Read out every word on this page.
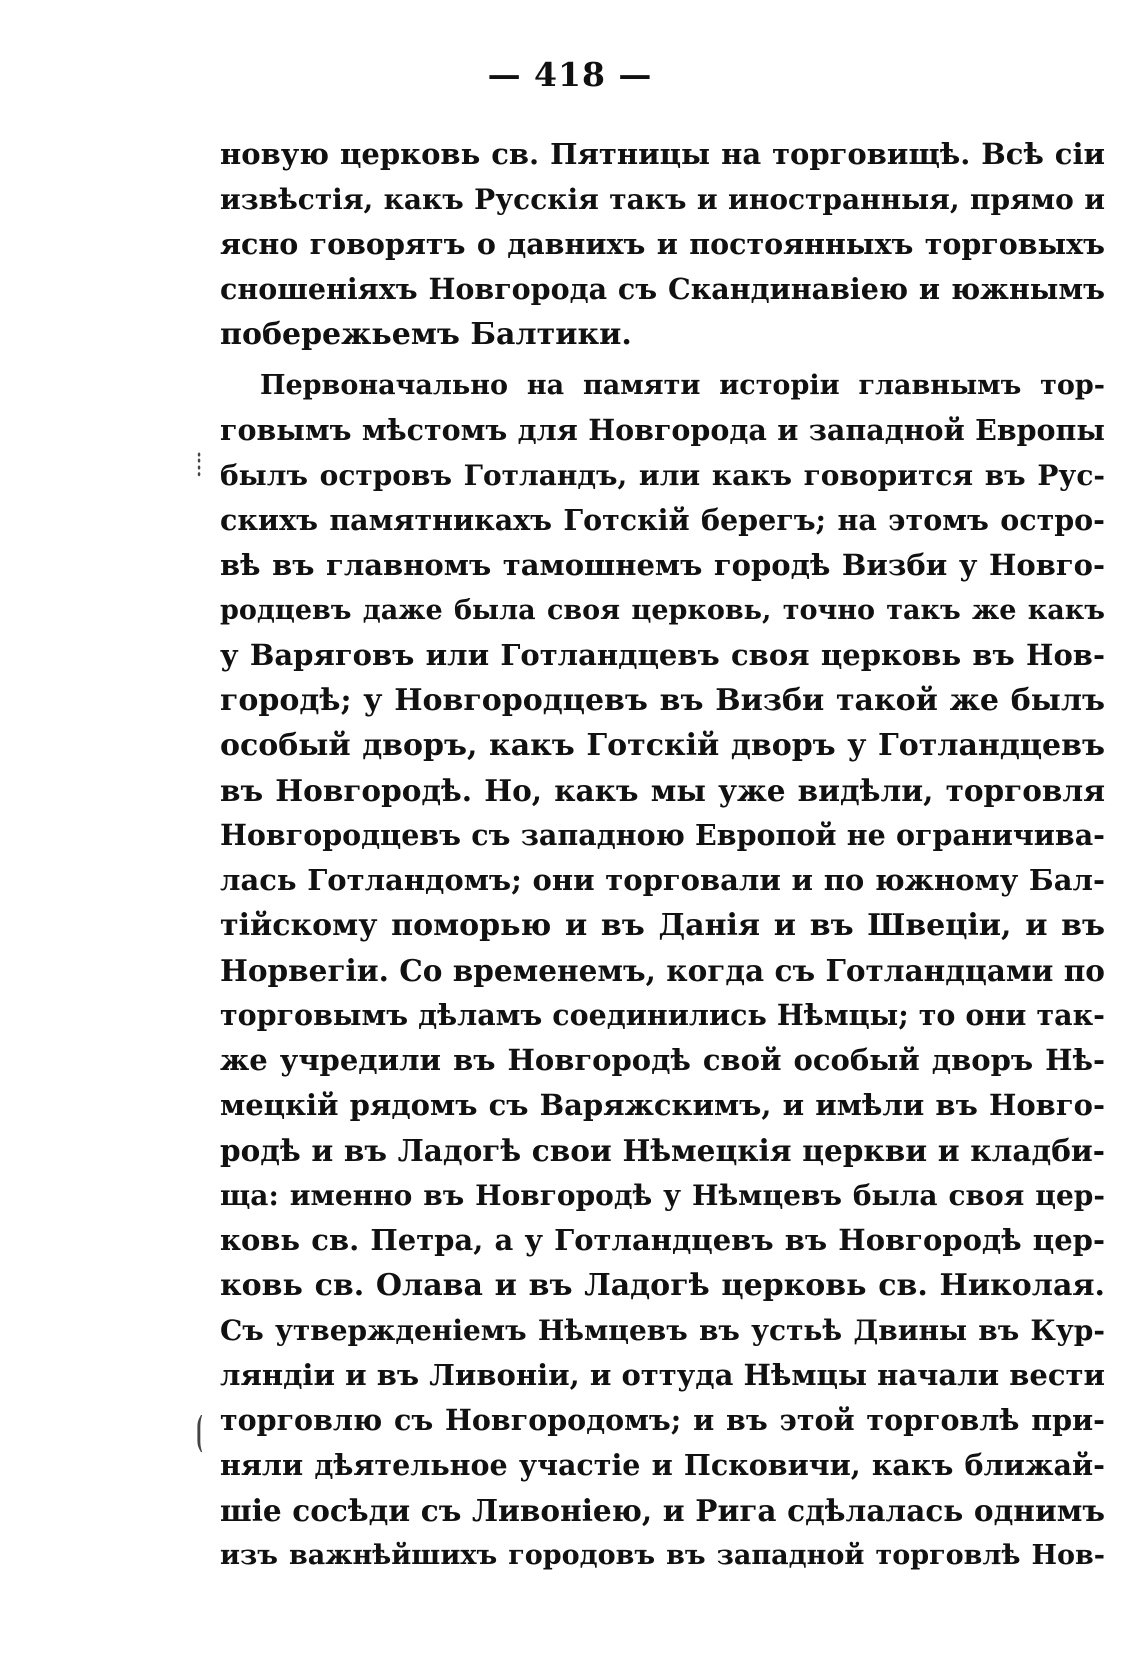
— 418 —
новую церковь св. Пятницы на торговищѣ. Всѣ сiи
извѣстiя, какъ Русскiя такъ и иностранныя, прямо и
ясно говорятъ о давнихъ и постоянныхъ торговыхъ
сношенiяхъ Новгорода съ Скандинавiею и южнымъ
побережьемъ Балтики.
Первоначально на памяти исторiи главнымъ тор-
говымъ мѣстомъ для Новгорода и западной Европы
былъ островъ Готландъ, или какъ говорится въ Рус-
скихъ памятникахъ Готскiй берегъ; на этомъ остро-
вѣ въ главномъ тамошнемъ городѣ Визби у Новго-
родцевъ даже была своя церковь, точно такъ же какъ
у Варяговъ или Готландцевъ своя церковь въ Нов-
городѣ; у Новгородцевъ въ Визби такой же былъ
особый дворъ, какъ Готскiй дворъ у Готландцевъ
въ Новгородѣ. Но, какъ мы уже видѣли, торговля
Новгородцевъ съ западною Европой не ограничива-
лась Готландомъ; они торговали и по южному Бал-
тiйскому поморью и въ Данiя и въ Швецiи, и въ
Норвегiи. Со временемъ, когда съ Готландцами по
торговымъ дѣламъ соединились Нѣмцы; то они так-
же учредили въ Новгородѣ свой особый дворъ Нѣ-
мецкiй рядомъ съ Варяжскимъ, и имѣли въ Новго-
родѣ и въ Ладогѣ свои Нѣмецкiя церкви и кладби-
ща: именно въ Новгородѣ у Нѣмцевъ была своя цер-
ковь св. Петра, а у Готландцевъ въ Новгородѣ цер-
ковь св. Олава и въ Ладогѣ церковь св. Николая.
Съ утвержденiемъ Нѣмцевъ въ устьѣ Двины въ Кур-
ляндiи и въ Ливонiи, и оттуда Нѣмцы начали вести
торговлю съ Новгородомъ; и въ этой торговлѣ при-
няли дѣятельное участiе и Псковичи, какъ ближай-
шiе сосѣди съ Ливонiею, и Рига сдѣлалась однимъ
изъ важнѣйшихъ городовъ въ западной торговлѣ Нов-
⁞
⦗
